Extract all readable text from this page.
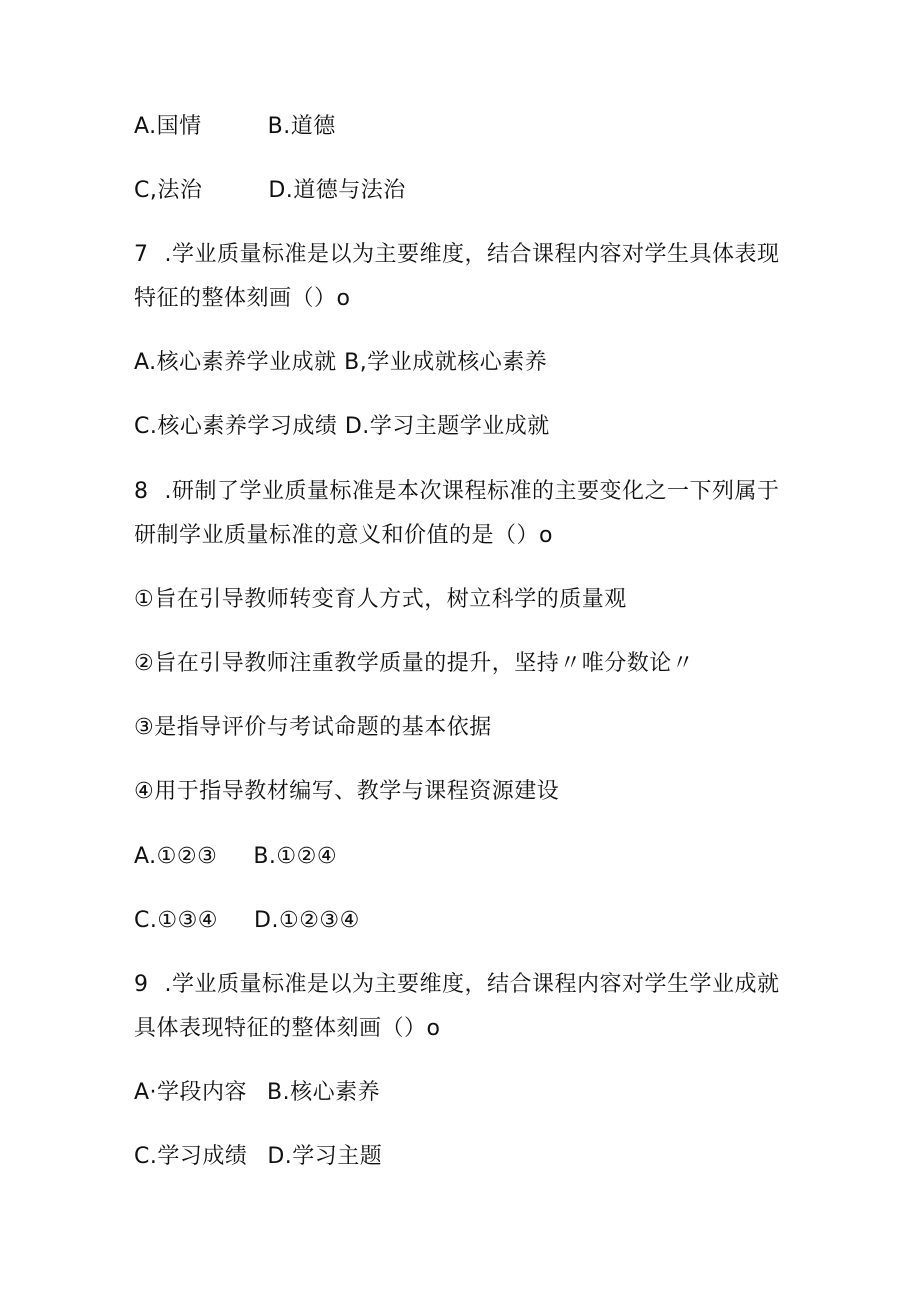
A.国情	B.道德
C,法治	D.道德与法治
7 .学业质量标准是以为主要维度，结合课程内容对学生具体表现
特征的整体刻画（）o
A.核心素养学业成就 B,学业成就核心素养
C.核心素养学习成绩 D.学习主题学业成就
8 .研制了学业质量标准是本次课程标准的主要变化之一下列属于
研制学业质量标准的意义和价值的是（）o
①旨在引导教师转变育人方式，树立科学的质量观
②旨在引导教师注重教学质量的提升，坚持〃唯分数论〃
③是指导评价与考试命题的基本依据
④用于指导教材编写、教学与课程资源建设
A.①②③ B.①②④
C.①③④ D.①②③④
9 .学业质量标准是以为主要维度，结合课程内容对学生学业成就
具体表现特征的整体刻画（）o
A·学段内容 B.核心素养
C.学习成绩 D.学习主题
